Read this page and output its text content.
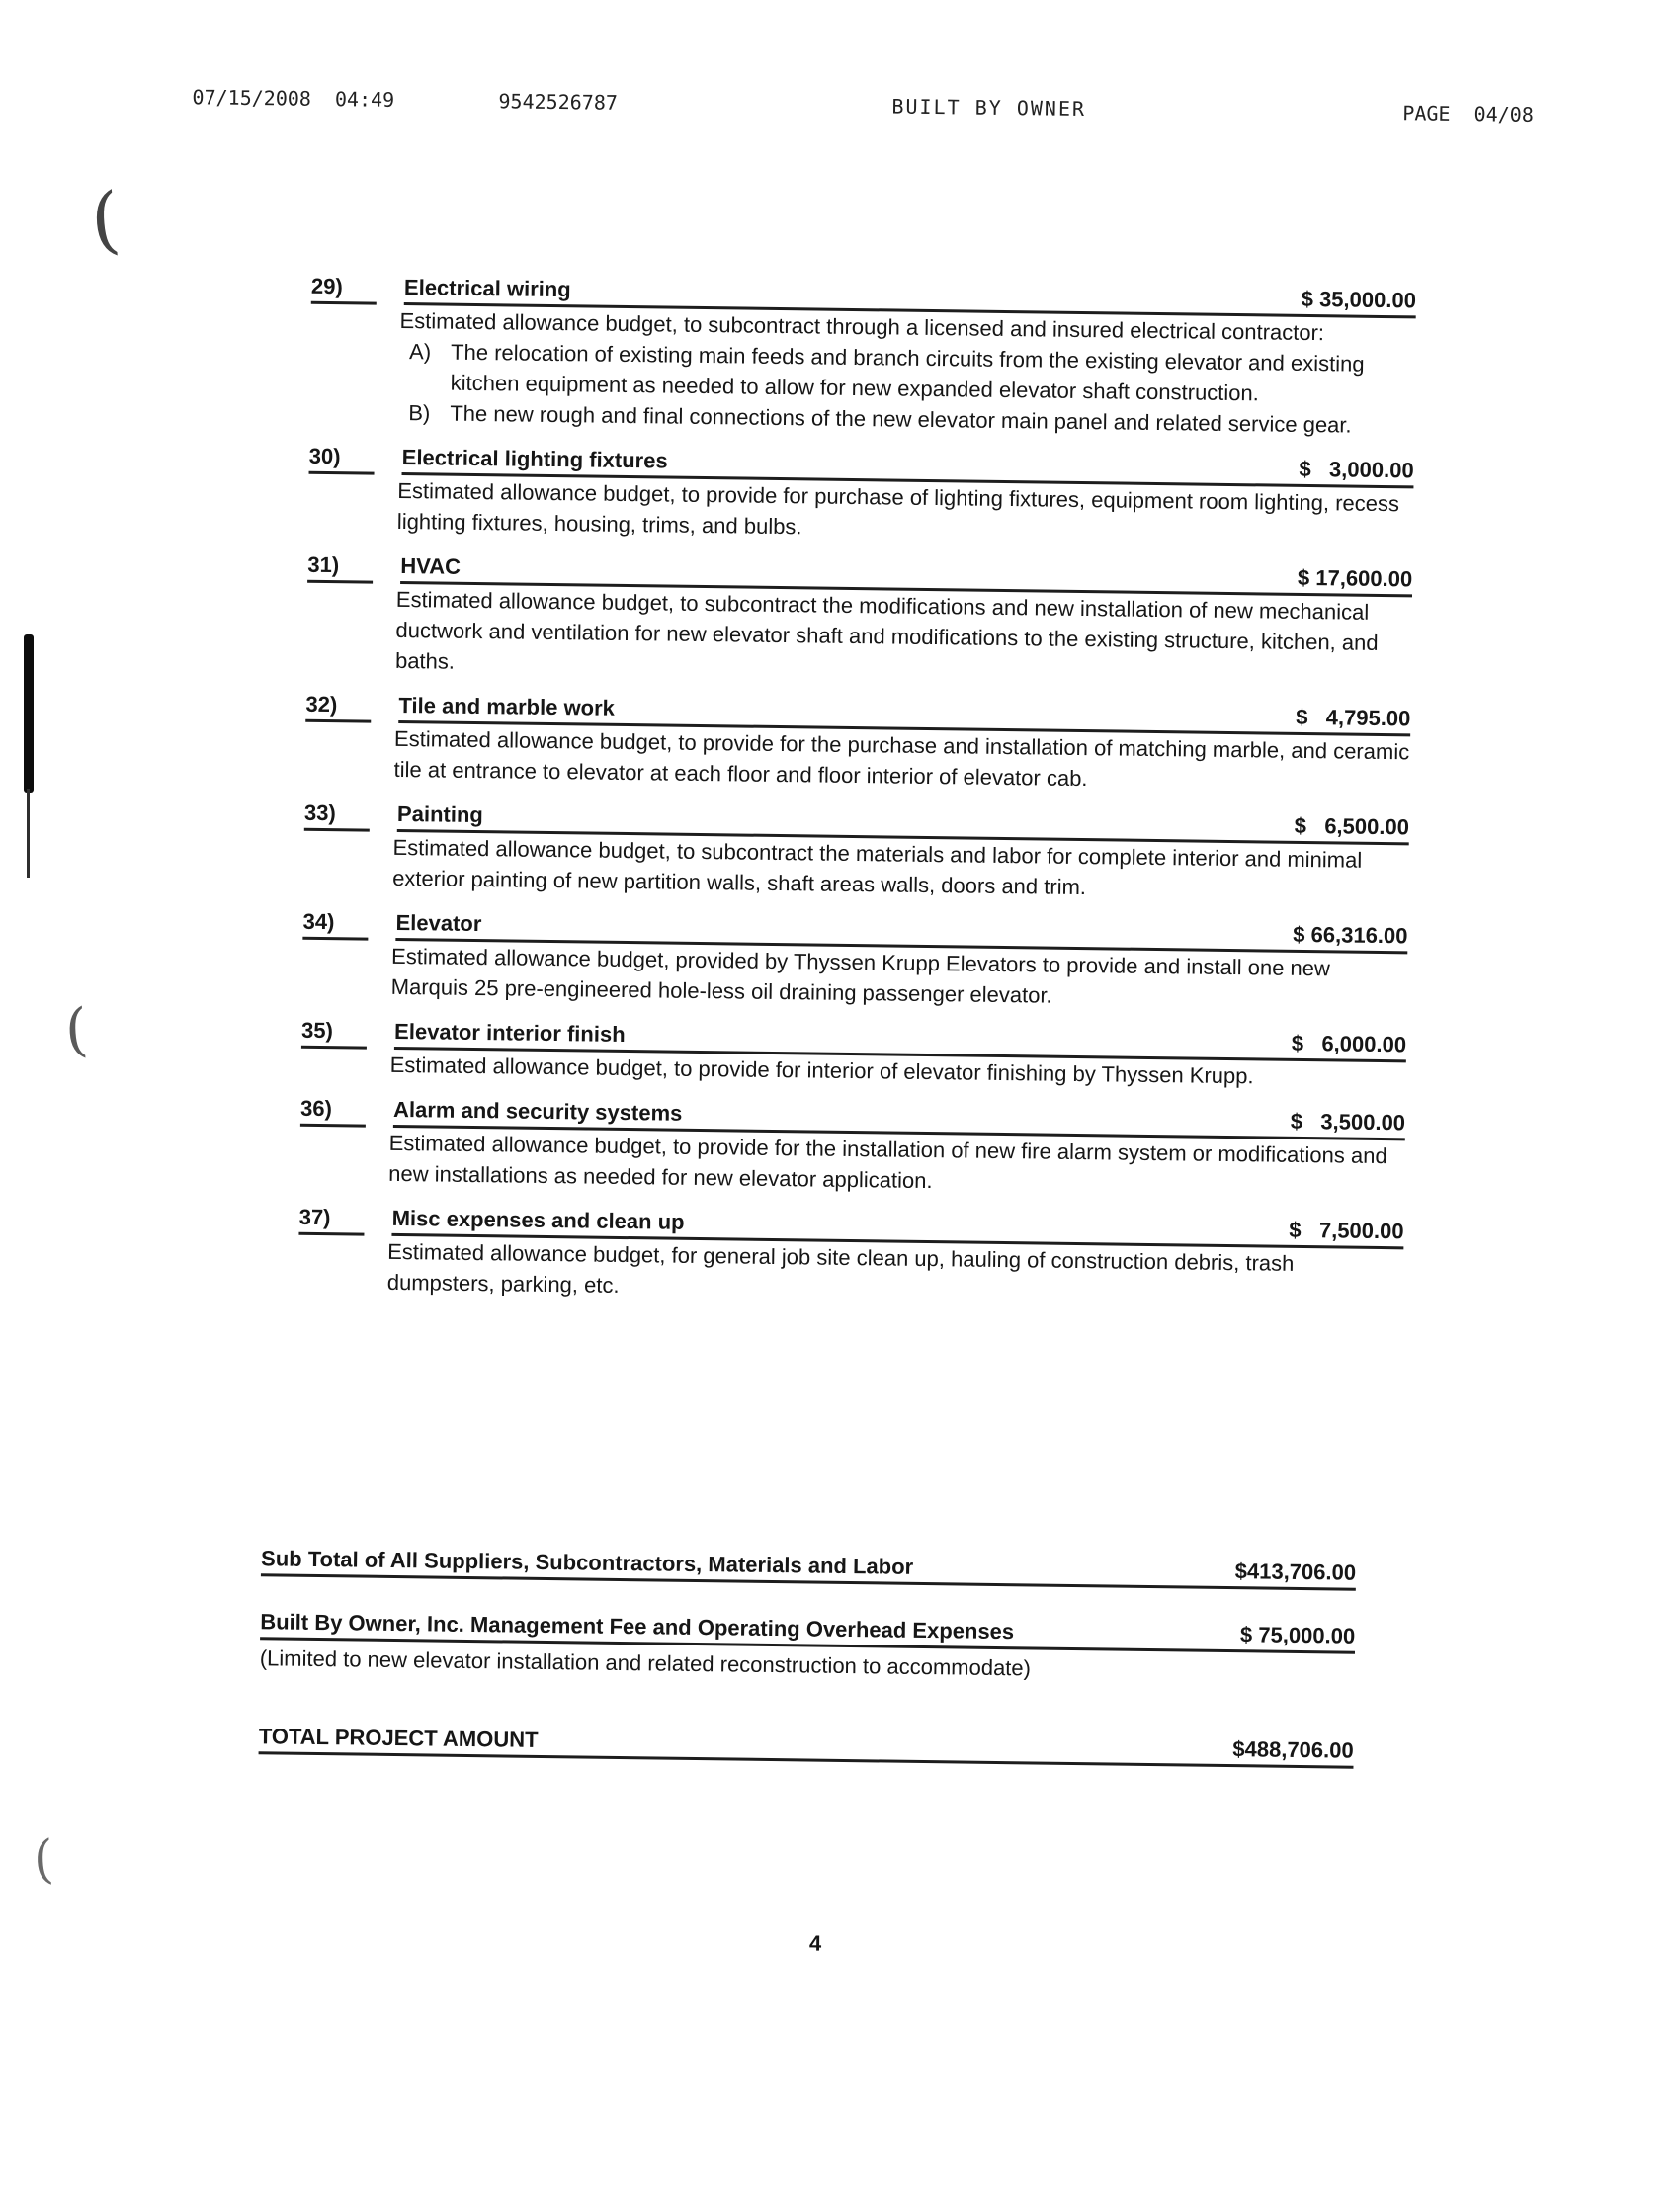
(
(
(
07/15/2008  04:49	9542526787	BUILT BY OWNER	PAGE  04/08
29)	Electrical wiring	$ 35,000.00

Estimated allowance budget, to subcontract through a licensed and insured electrical contractor:

A) The relocation of existing main feeds and branch circuits from the existing elevator and existing kitchen equipment as needed to allow for new expanded elevator shaft construction.
B) The new rough and final connections of the new elevator main panel and related service gear.
30)	Electrical lighting fixtures	$   3,000.00

Estimated allowance budget, to provide for purchase of lighting fixtures, equipment room lighting, recess lighting fixtures, housing, trims, and bulbs.

31)	HVAC	$ 17,600.00

Estimated allowance budget, to subcontract the modifications and new installation of new mechanical ductwork and ventilation for new elevator shaft and modifications to the existing structure, kitchen, and baths.

32)	Tile and marble work	$   4,795.00

Estimated allowance budget, to provide for the purchase and installation of matching marble, and ceramic tile at entrance to elevator at each floor and floor interior of elevator cab.

33)	Painting	$   6,500.00

Estimated allowance budget, to subcontract the materials and labor for complete interior and minimal exterior painting of new partition walls, shaft areas walls, doors and trim.

34)	Elevator	$ 66,316.00

Estimated allowance budget, provided by Thyssen Krupp Elevators to provide and install one new Marquis 25 pre-engineered hole-less oil draining passenger elevator.

35)	Elevator interior finish	$   6,000.00

Estimated allowance budget, to provide for interior of elevator finishing by Thyssen Krupp.

36)	Alarm and security systems	$   3,500.00

Estimated allowance budget, to provide for the installation of new fire alarm system or modifications and new installations as needed for new elevator application.

37)	Misc expenses and clean up	$   7,500.00

Estimated allowance budget, for general job site clean up, hauling of construction debris, trash dumpsters, parking, etc.

Sub Total of All Suppliers, Subcontractors, Materials and Labor	$413,706.00
Built By Owner, Inc. Management Fee and Operating Overhead Expenses	$ 75,000.00

(Limited to new elevator installation and related reconstruction to accommodate)

TOTAL PROJECT AMOUNT	$488,706.00
4
